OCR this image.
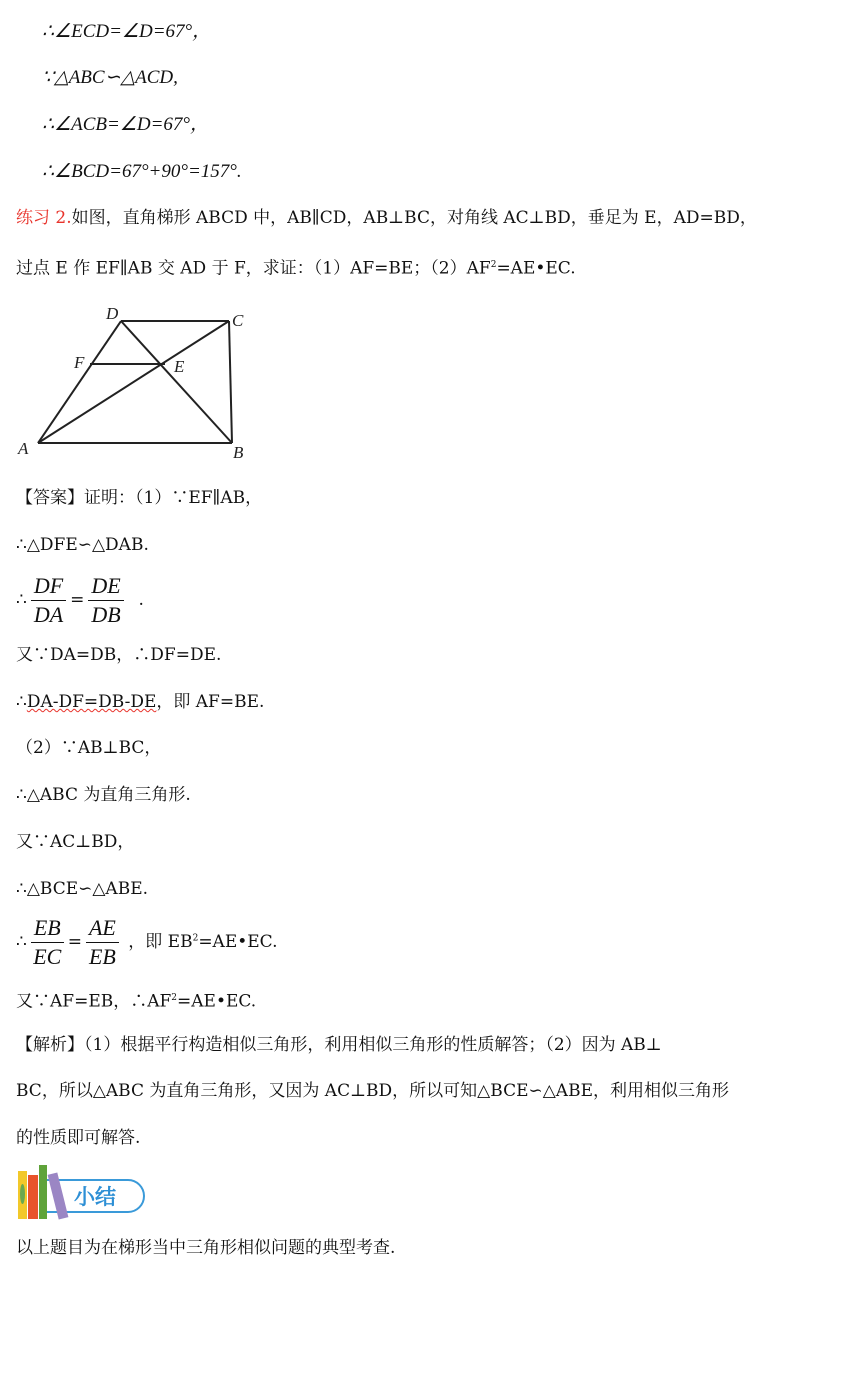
∴∠ECD=∠D=67°，
∵△ABC∽△ACD,
∴∠ACB=∠D=67°，
∴∠BCD=67°+90°=157°.
练习 2.如图，直角梯形 ABCD 中，AB∥CD，AB⊥BC，对角线 AC⊥BD，垂足为 E，AD=BD，
过点 E 作 EF∥AB 交 AD 于 F，求证：（1）AF=BE；$(2)AF^2=AE•EC$.
D	C
F	E
A	B
【答案】证明：（1）∵EF∥AB，
∴△DFE∽△DAB.
∴ $\frac{DF}{DA} = \frac{DE}{DB}$ .
又∵DA=DB，∴DF=DE.
∴DA-DF=DB-DE，即 AF=BE.
（2）∵AB⊥BC，
∴△ABC 为直角三角形.
又∵AC⊥BD，
∴△BCE∽△ABE.
∴ $\frac{EB}{EC} = \frac{AE}{EB}$ ，即 $EB^2=AE•EC$.
又∵AF=EB，$\therefore AF^2=AE•EC$.
【解析】（1）根据平行构造相似三角形，利用相似三角形的性质解答；（2）因为 AB⊥
BC，所以△ABC 为直角三角形，又因为 AC⊥BD，所以可知△BCE∽△ABE，利用相似三角形
的性质即可解答.
小结
以上题目为在梯形当中三角形相似问题的典型考查.
